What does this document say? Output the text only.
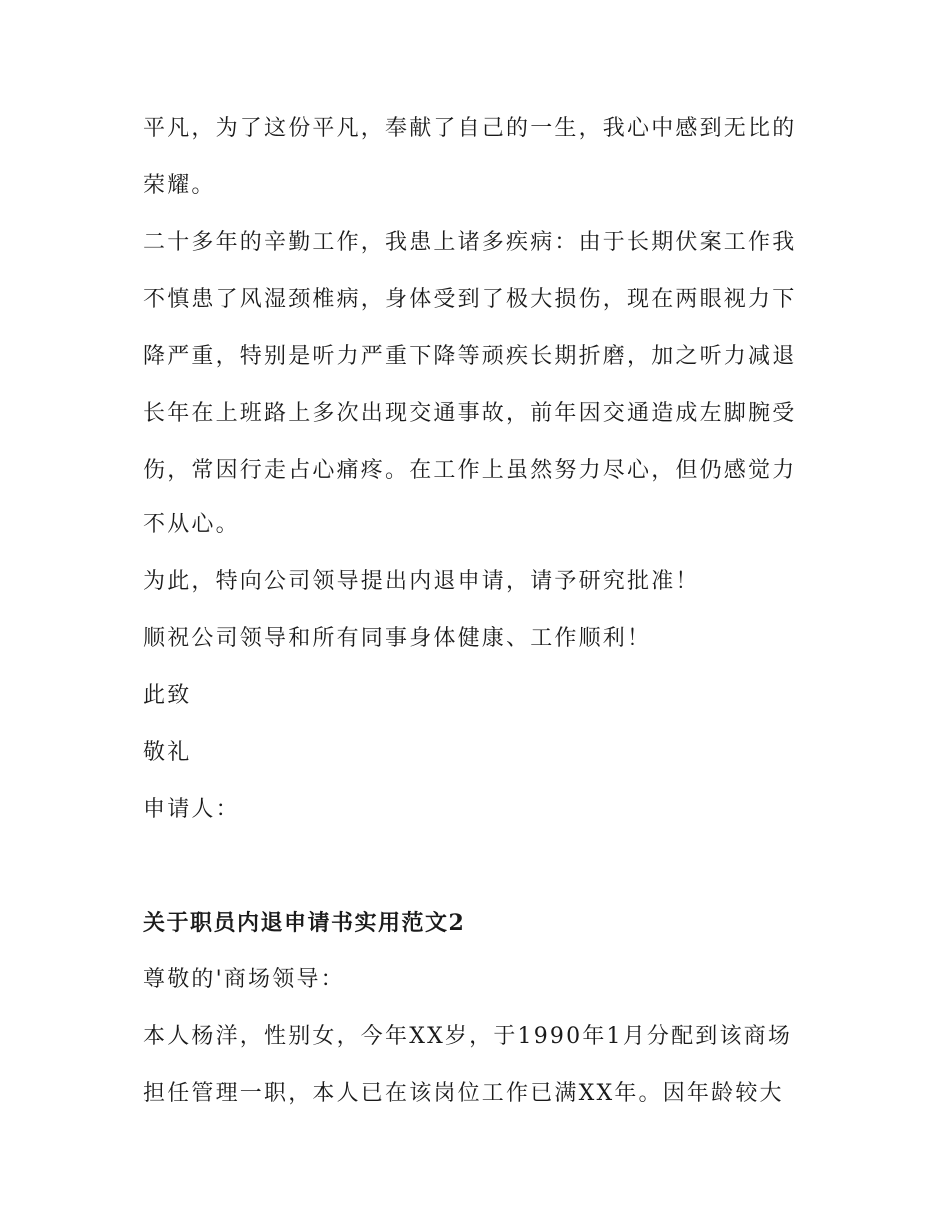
平凡，为了这份平凡，奉献了自己的一生，我心中感到无比的
荣耀。
二十多年的辛勤工作，我患上诸多疾病：由于长期伏案工作我
不慎患了风湿颈椎病，身体受到了极大损伤，现在两眼视力下
降严重，特别是听力严重下降等顽疾长期折磨，加之听力减退
长年在上班路上多次出现交通事故，前年因交通造成左脚腕受
伤，常因行走占心痛疼。在工作上虽然努力尽心，但仍感觉力
不从心。
为此，特向公司领导提出内退申请，请予研究批准！
顺祝公司领导和所有同事身体健康、工作顺利！
此致
敬礼
申请人：
关于职员内退申请书实用范文2
尊敬的'商场领导：
本人杨洋，性别女，今年XX岁，于1990年1月分配到该商场
担任管理一职，本人已在该岗位工作已满XX年。因年龄较大
